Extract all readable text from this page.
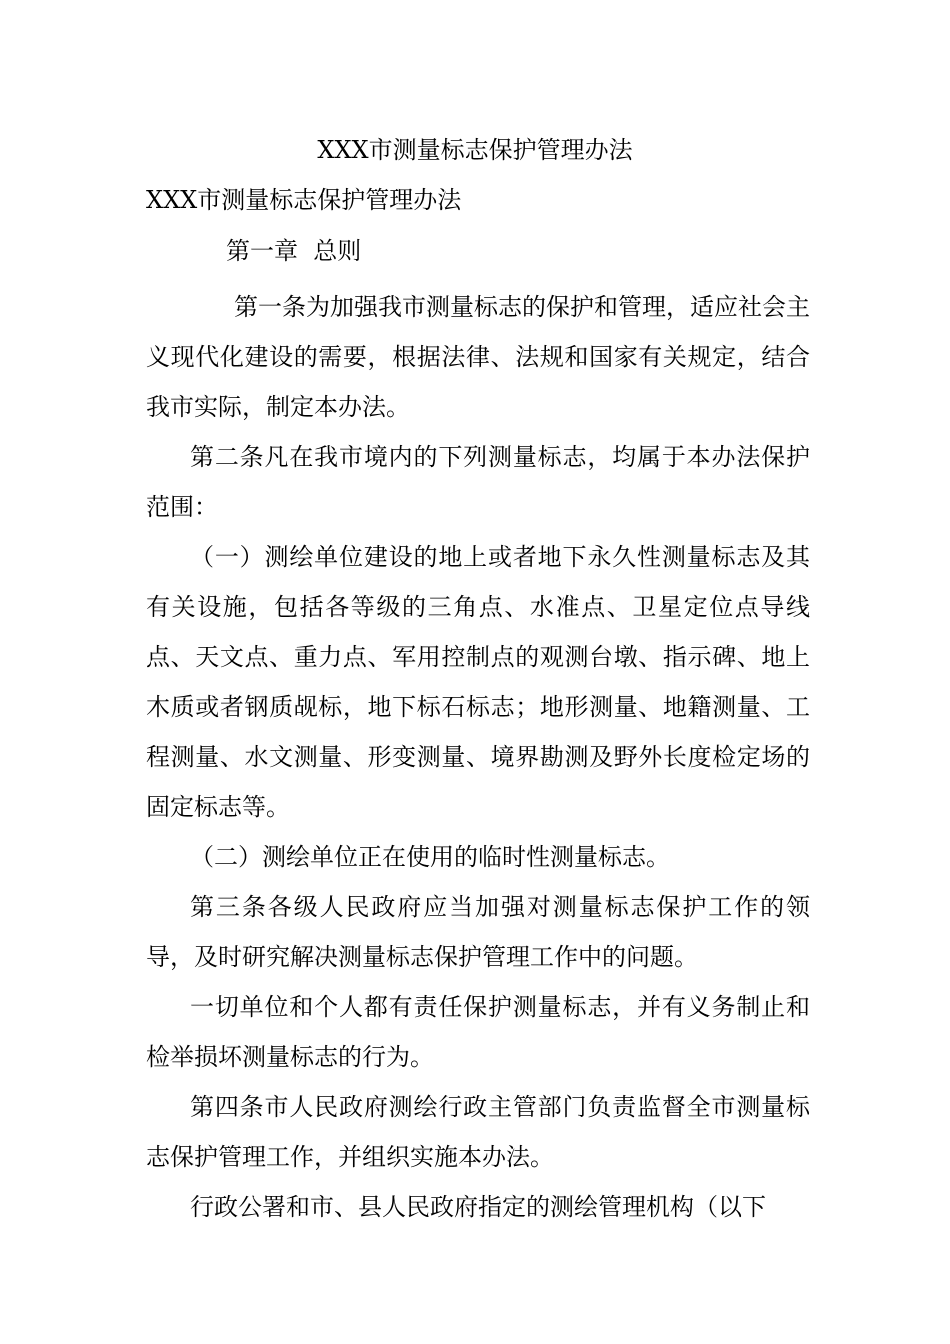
XXX市测量标志保护管理办法
XXX市测量标志保护管理办法
第一章  总则

第一条为加强我市测量标志的保护和管理，适应社会主义现代化建设的需要，根据法律、法规和国家有关规定，结合我市实际，制定本办法。

第二条凡在我市境内的下列测量标志，均属于本办法保护范围：

（一）测绘单位建设的地上或者地下永久性测量标志及其有关设施，包括各等级的三角点、水准点、卫星定位点导线点、天文点、重力点、军用控制点的观测台墩、指示碑、地上木质或者钢质觇标，地下标石标志；地形测量、地籍测量、工程测量、水文测量、形变测量、境界勘测及野外长度检定场的固定标志等。

（二）测绘单位正在使用的临时性测量标志。

第三条各级人民政府应当加强对测量标志保护工作的领导，及时研究解决测量标志保护管理工作中的问题。

一切单位和个人都有责任保护测量标志，并有义务制止和检举损坏测量标志的行为。

第四条市人民政府测绘行政主管部门负责监督全市测量标志保护管理工作，并组织实施本办法。

行政公署和市、县人民政府指定的测绘管理机构（以下
